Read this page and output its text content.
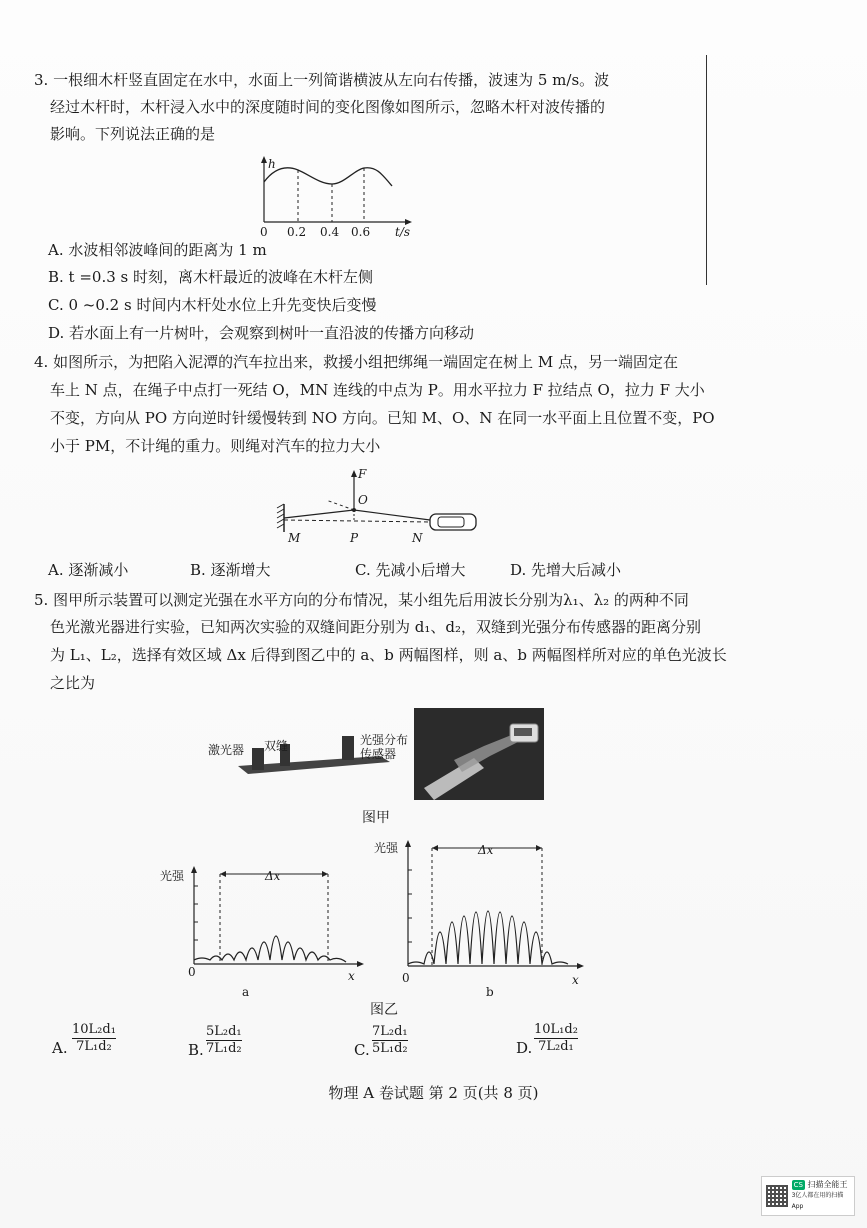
3. 一根细木杆竖直固定在水中，水面上一列简谐横波从左向右传播，波速为 5 m/s。波
经过木杆时，木杆浸入水中的深度随时间的变化图像如图所示，忽略木杆对波传播的
影响。下列说法正确的是
h
0 0.2 0.4 0.6 t/s
A. 水波相邻波峰间的距离为 1 m
B. t =0.3 s 时刻，离木杆最近的波峰在木杆左侧
C. 0 ~0.2 s 时间内木杆处水位上升先变快后变慢
D. 若水面上有一片树叶，会观察到树叶一直沿波的传播方向移动
4. 如图所示，为把陷入泥潭的汽车拉出来，救援小组把绑绳一端固定在树上 M 点，另一端固定在
车上 N 点，在绳子中点打一死结 O，MN 连线的中点为 P。用水平拉力 F 拉结点 O，拉力 F 大小
不变，方向从 PO 方向逆时针缓慢转到 NO 方向。已知 M、O、N 在同一水平面上且位置不变，PO
小于 PM，不计绳的重力。则绳对汽车的拉力大小
F
O
M	P	N
A. 逐渐减小	B. 逐渐增大	C. 先减小后增大	D. 先增大后减小
5. 图甲所示装置可以测定光强在水平方向的分布情况，某小组先后用波长分别为λ₁、λ₂ 的两种不同
色光激光器进行实验，已知两次实验的双缝间距分别为 d₁、d₂，双缝到光强分布传感器的距离分别
为 L₁、L₂，选择有效区域 Δx 后得到图乙中的 a、b 两幅图样，则 a、b 两幅图样所对应的单色光波长
之比为
激光器 双缝	光强分布
传感器
图甲
光强	Δx
0	x
a
光强	Δx
0	x
b
图乙
A.
10L₂d₁
7L₁d₂	B.
5L₂d₁
7L₁d₂	C.
7L₂d₁
5L₁d₂	D.
10L₁d₂
7L₂d₁
物理 A 卷试题 第 2 页(共 8 页)
CS 扫描全能王
3亿人都在用的扫描App
